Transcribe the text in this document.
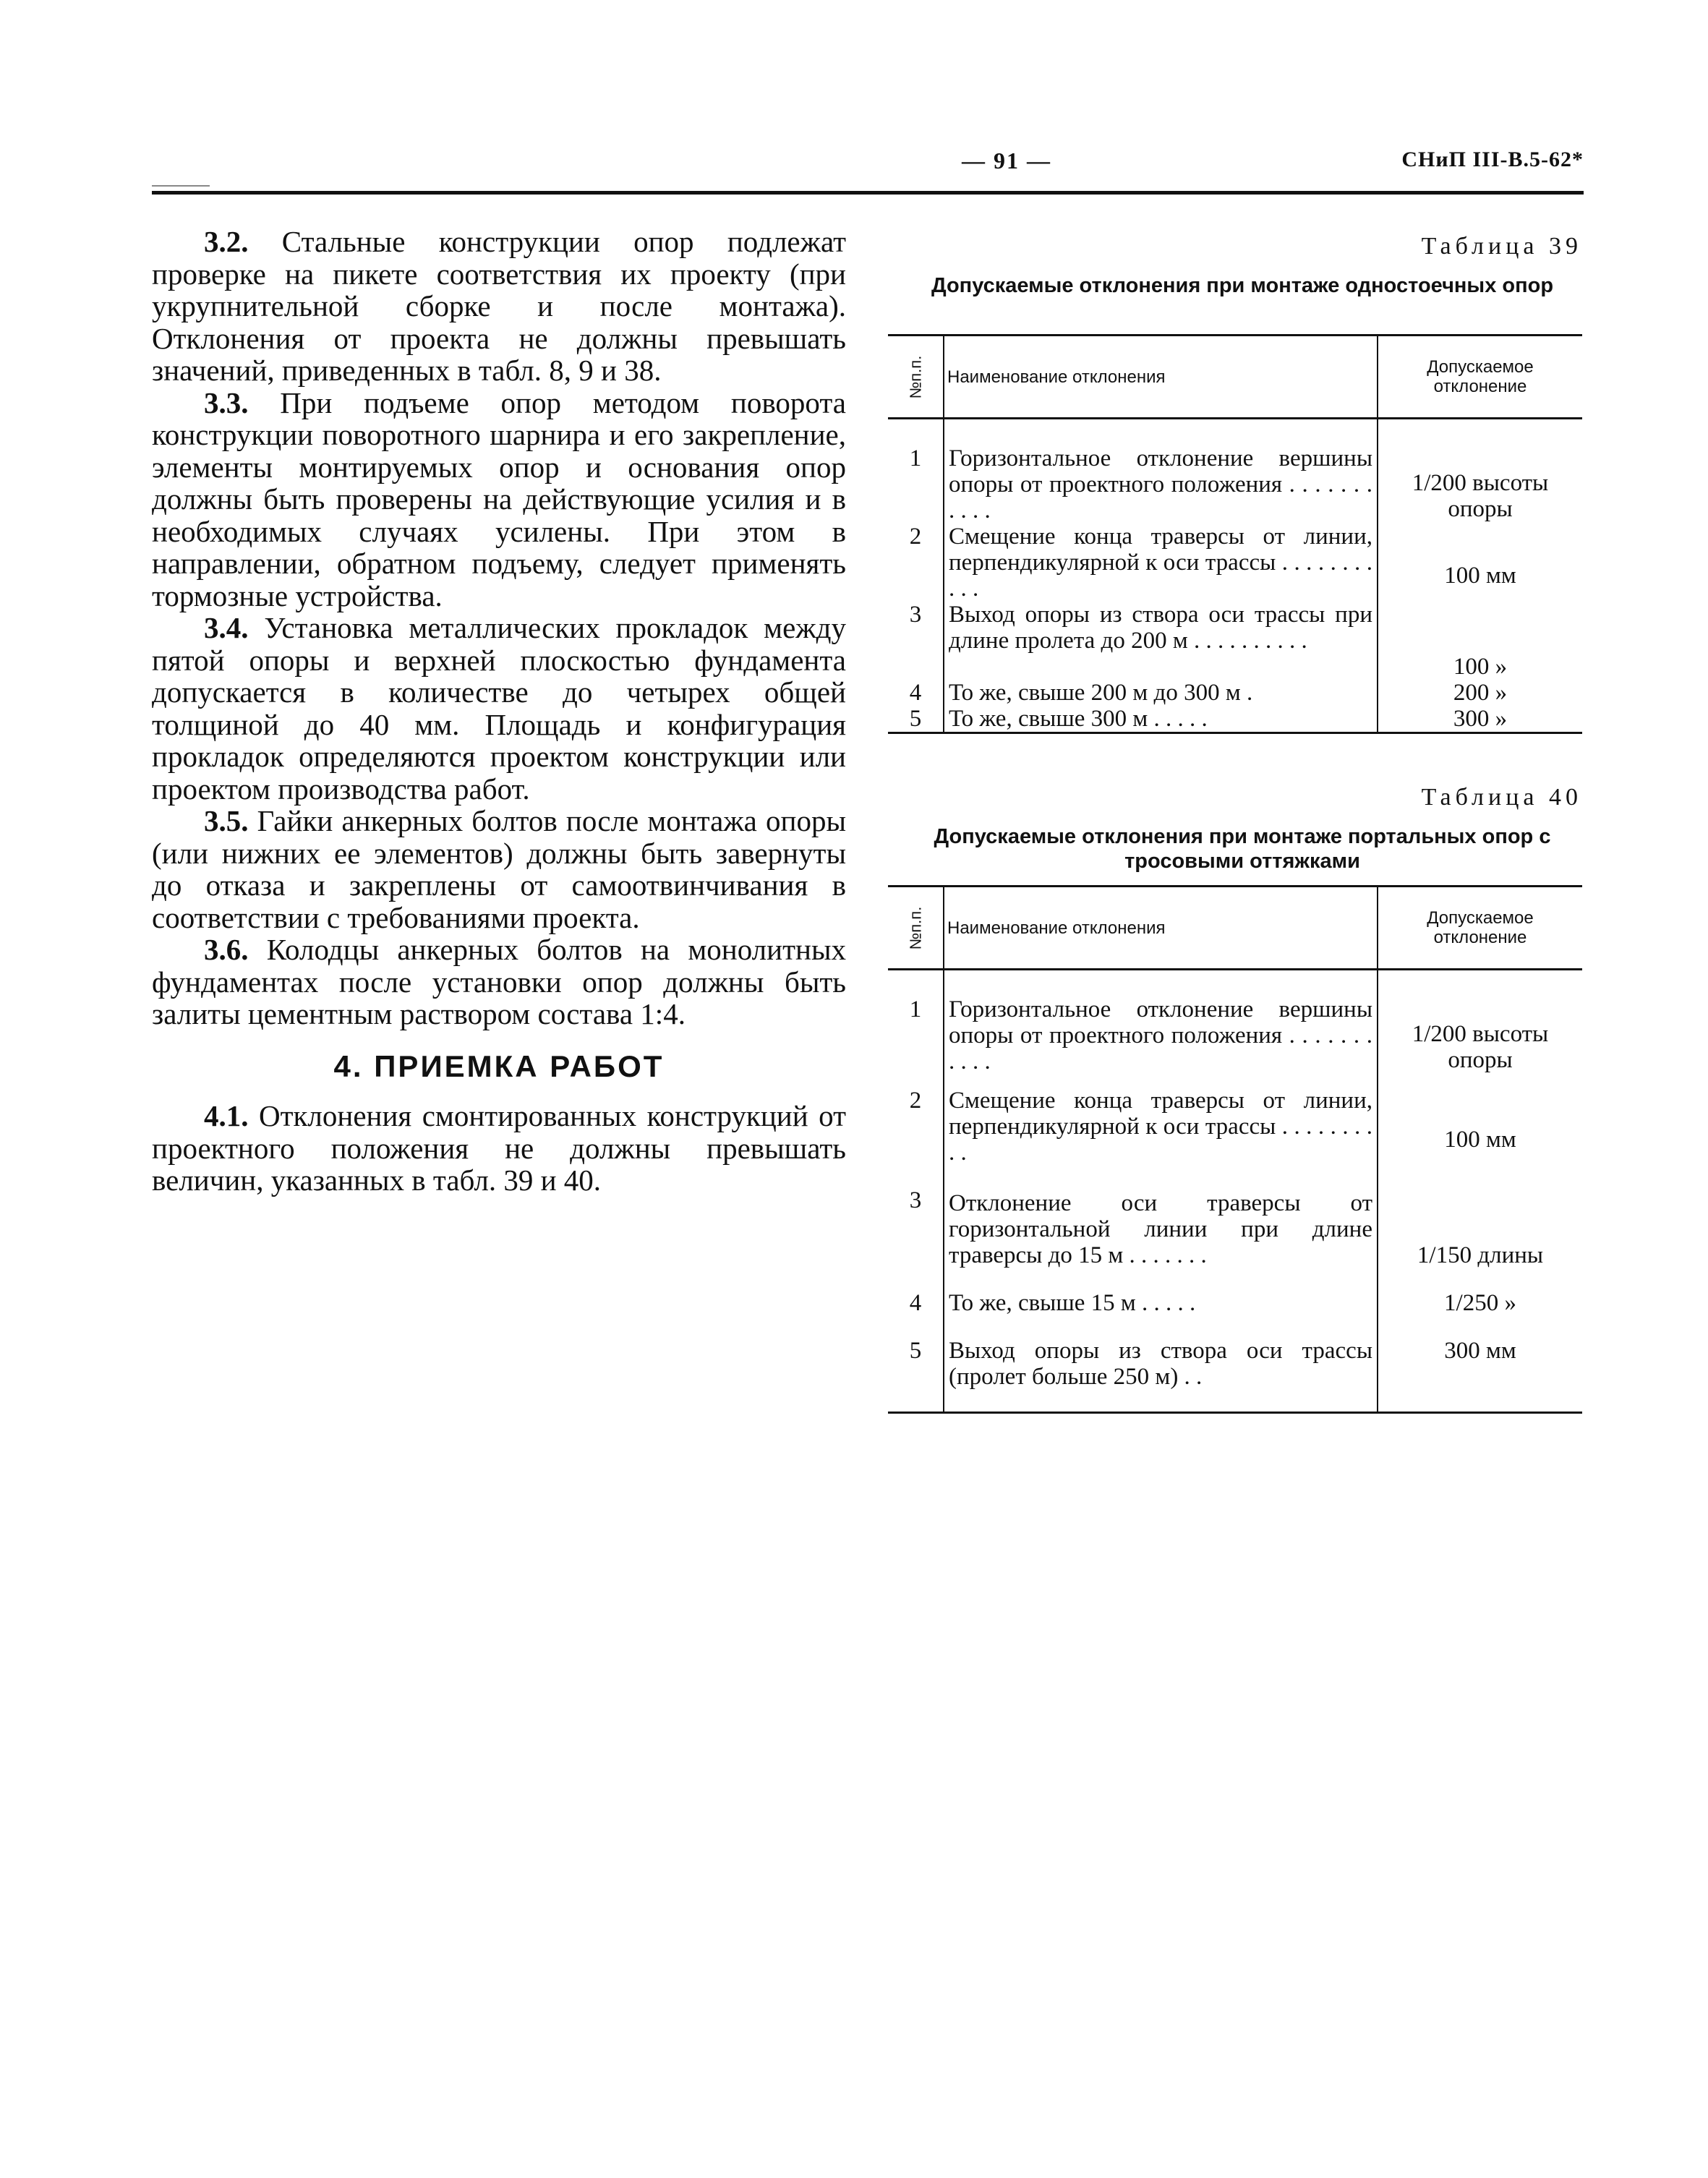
— 91 —	СНиП III-В.5-62*

3.2. Стальные конструкции опор подлежат проверке на пикете соответствия их проекту (при укрупнительной сборке и после монтажа). Отклонения от проекта не должны превышать значений, приведенных в табл. 8, 9 и 38.

3.3. При подъеме опор методом поворота конструкции поворотного шарнира и его закрепление, элементы монтируемых опор и основания опор должны быть проверены на действующие усилия и в необходимых случаях усилены. При этом в направлении, обратном подъему, следует применять тормозные устройства.

3.4. Установка металлических прокладок между пятой опоры и верхней плоскостью фундамента допускается в количестве до четырех общей толщиной до 40 мм. Площадь и конфигурация прокладок определяются проектом конструкции или проектом производства работ.

3.5. Гайки анкерных болтов после монтажа опоры (или нижних ее элементов) должны быть завернуты до отказа и закреплены от самоотвинчивания в соответствии с требованиями проекта.

3.6. Колодцы анкерных болтов на монолитных фундаментах после установки опор должны быть залиты цементным раствором состава 1:4.

4. ПРИЕМКА РАБОТ

4.1. Отклонения смонтированных конструкций от проектного положения не должны превышать величин, указанных в табл. 39 и 40.

Таблица 39
Допускаемые отклонения при монтаже одностоечных опор
№п.п.	Наименование отклонения	Допускаемое отклонение
1	Горизонтальное отклонение вершины опоры от проектного положения . . . . . . . . . . .	1/200 высоты опоры
2	Смещение конца траверсы от линии, перпендикулярной к оси трассы . . . . . . . . . . .	100 мм
3	Выход опоры из створа оси трассы при длине пролета до 200 м . . . . . . . . . .	100 »
4	То же, свыше 200 м до 300 м .	200 »
5	То же, свыше 300 м . . . . .	300 »
Таблица 40
Допускаемые отклонения при монтаже портальных опор с тросовыми оттяжками
№п.п.	Наименование отклонения	Допускаемое отклонение
1	Горизонтальное отклонение вершины опоры от проектного положения . . . . . . . . . . .	1/200 высоты опоры
2	Смещение конца траверсы от линии, перпендикулярной к оси трассы . . . . . . . . . .	100 мм
3	Отклонение оси траверсы от горизонтальной линии при длине траверсы до 15 м . . . . . . .	1/150 длины
4	То же, свыше 15 м . . . . .	1/250 »
5	Выход опоры из створа оси трассы (пролет больше 250 м) . .	300 мм
